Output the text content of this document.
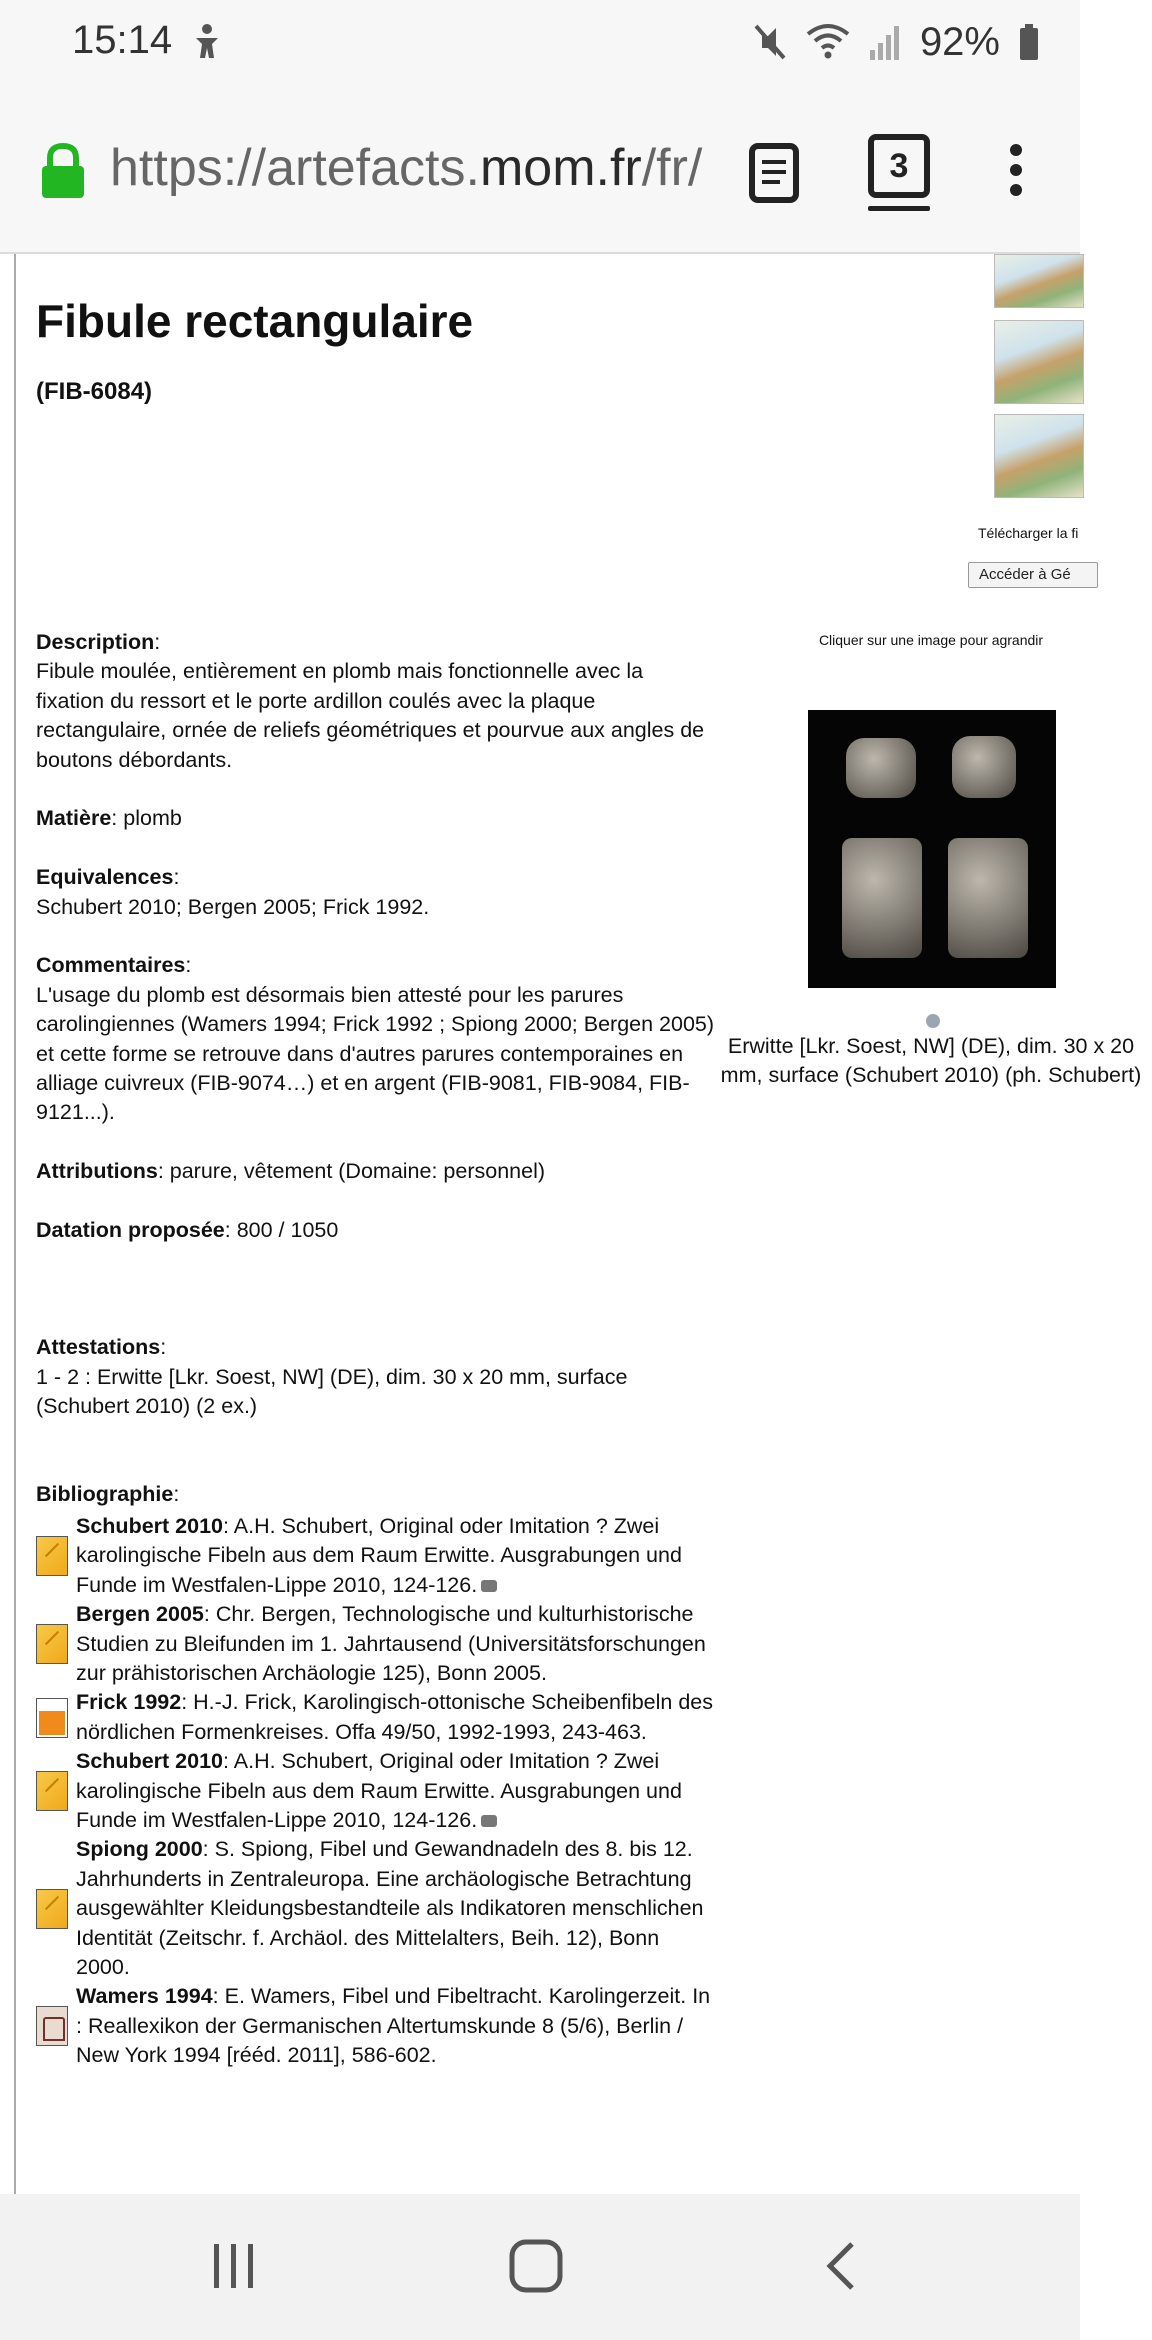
15:14	92%
https://artefacts.mom.fr/fr/	3
Fibule rectangulaire
(FIB-6084)

Description:

Fibule moulée, entièrement en plomb mais fonctionnelle avec la fixation du ressort et le porte ardillon coulés avec la plaque rectangulaire, ornée de reliefs géométriques et pourvue aux angles de boutons débordants.

Matière: plomb

Equivalences:

Schubert 2010; Bergen 2005; Frick 1992.

Commentaires:

L'usage du plomb est désormais bien attesté pour les parures carolingiennes (Wamers 1994; Frick 1992 ; Spiong 2000; Bergen 2005) et cette forme se retrouve dans d'autres parures contemporaines en alliage cuivreux (FIB-9074…) et en argent (FIB-9081, FIB-9084, FIB-9121...).

Attributions: parure, vêtement (Domaine: personnel)

Datation proposée: 800 / 1050

Attestations:

1 - 2 : Erwitte [Lkr. Soest, NW] (DE), dim. 30 x 20 mm, surface (Schubert 2010) (2 ex.)

Bibliographie:

Schubert 2010: A.H. Schubert, Original oder Imitation ? Zwei karolingische Fibeln aus dem Raum Erwitte. Ausgrabungen und Funde im Westfalen-Lippe 2010, 124-126.
Bergen 2005: Chr. Bergen, Technologische und kulturhistorische Studien zu Bleifunden im 1. Jahrtausend (Universitätsforschungen zur prähistorischen Archäologie 125), Bonn 2005.
Frick 1992: H.-J. Frick, Karolingisch-ottonische Scheibenfibeln des nördlichen Formenkreises. Offa 49/50, 1992-1993, 243-463.
Schubert 2010: A.H. Schubert, Original oder Imitation ? Zwei karolingische Fibeln aus dem Raum Erwitte. Ausgrabungen und Funde im Westfalen-Lippe 2010, 124-126.
Spiong 2000: S. Spiong, Fibel und Gewandnadeln des 8. bis 12. Jahrhunderts in Zentraleuropa. Eine archäologische Betrachtung ausgewählter Kleidungsbestandteile als Indikatoren menschlichen Identität (Zeitschr. f. Archäol. des Mittelalters, Beih. 12), Bonn 2000.
Wamers 1994: E. Wamers, Fibel und Fibeltracht. Karolingerzeit. In : Reallexikon der Germanischen Altertumskunde 8 (5/6), Berlin / New York 1994 [rééd. 2011], 586-602.
Télécharger la fi
Accéder à Gé
Cliquer sur une image pour agrandir
Erwitte [Lkr. Soest, NW] (DE), dim. 30 x 20 mm, surface (Schubert 2010) (ph. Schubert)
